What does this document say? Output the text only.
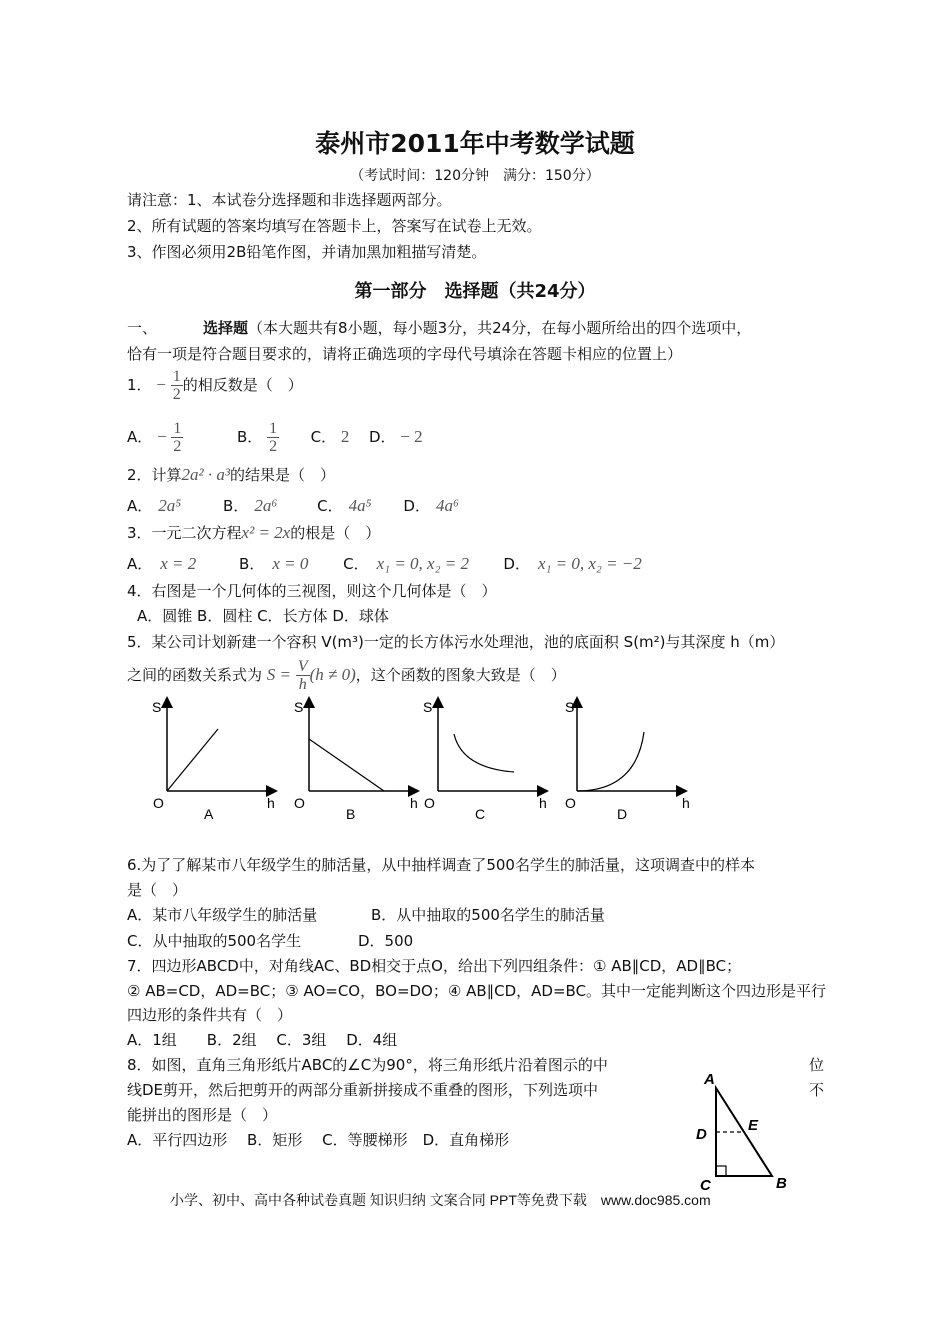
泰州市2011年中考数学试题
（考试时间：120分钟　满分：150分）
请注意：1、本试卷分选择题和非选择题两部分。
2、所有试题的答案均填写在答题卡上，答案写在试卷上无效。
3、作图必须用2B铅笔作图，并请加黑加粗描写清楚。
第一部分　选择题（共24分）
一、	选择题（本大题共有8小题，每小题3分，共24分，在每小题所给出的四个选项中，
恰有一项是符合题目要求的，请将正确选项的字母代号填涂在答题卡相应的位置上）
1． − $\frac{1}{2}$ 的相反数是（　）
A． − $\frac{1}{2}$	B． $\frac{1}{2}$ C． 2 D． − 2
2．计算2a² · a³的结果是（　）
A． 2a⁵	B． 2a⁶	C． 4a⁵ D． 4a⁶
3．一元二次方程x² = 2x的根是（　）
A． x = 2	B． x = 0 C． x₁ = 0, x₂ = 2 D． x₁ = 0, x₂ = −2
4．右图是一个几何体的三视图，则这个几何体是（　）
A．圆锥 B．圆柱 C．长方体 D．球体
5．某公司计划新建一个容积 V(m³)一定的长方体污水处理池，池的底面积 S(m²)与其深度 h（m）
之间的函数关系式为 $S = \frac{V}{h} (h \ne 0)$，这个函数的图象大致是（　）
S
O	h
A
S
O	h
B
S
O	h
C
S
O	h
D
6.为了了解某市八年级学生的肺活量，从中抽样调查了500名学生的肺活量，这项调查中的样本
是（　）
A．某市八年级学生的肺活量	B．从中抽取的500名学生的肺活量
C．从中抽取的500名学生	D．500
7．四边形ABCD中，对角线AC、BD相交于点O，给出下列四组条件：① AB∥CD，AD∥BC；
② AB=CD，AD=BC；③ AO=CO，BO=DO；④ AB∥CD，AD=BC。其中一定能判断这个四边形是平行
四边形的条件共有（　）
A．1组　　B．2组　 C．3组　 D．4组
8．如图，直角三角形纸片ABC的∠C为90°，将三角形纸片沿着图示的中	位
线DE剪开，然后把剪开的两部分重新拼接成不重叠的图形，下列选项中	不
能拼出的图形是（　）
A．平行四边形　 B．矩形　 C．等腰梯形　D．直角梯形
A
D
E
C	B
小学、初中、高中各种试卷真题 知识归纳 文案合同 PPT等免费下载　www.doc985.com
